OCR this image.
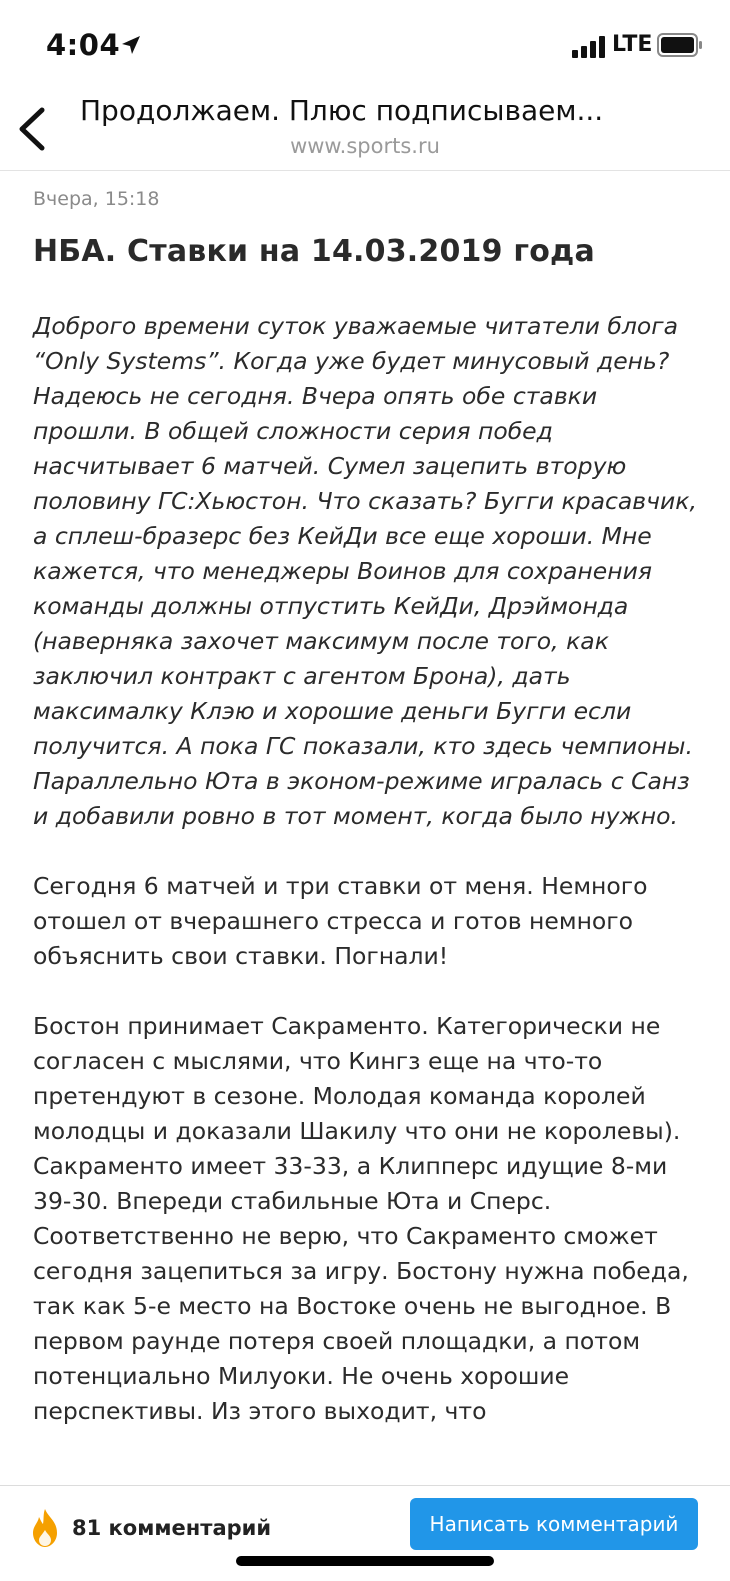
4:04	LTE
Продолжаем. Плюс подписываем...
www.sports.ru
Вчера, 15:18
НБА. Ставки на 14.03.2019 года
Доброго времени суток уважаемые читатели блога “Only Systems”. Когда уже будет минусовый день? Надеюсь не сегодня. Вчера опять обе ставки прошли. В общей сложности серия побед насчитывает 6 матчей. Сумел зацепить вторую половину ГС:Хьюстон. Что сказать? Бугги красавчик, а сплеш-бразерс без КейДи все еще хороши. Мне кажется, что менеджеры Воинов для сохранения команды должны отпустить КейДи, Дрэймонда (наверняка захочет максимум после того, как заключил контракт с агентом Брона), дать максималку Клэю и хорошие деньги Бугги если получится. А пока ГС показали, кто здесь чемпионы. Параллельно Юта в эконом-режиме игралась с Санз и добавили ровно в тот момент, когда было нужно.
Сегодня 6 матчей и три ставки от меня. Немного отошел от вчерашнего стресса и готов немного объяснить свои ставки. Погнали!
Бостон принимает Сакраменто. Категорически не согласен с мыслями, что Кингз еще на что-то претендуют в сезоне. Молодая команда королей молодцы и доказали Шакилу что они не королевы). Сакраменто имеет 33-33, а Клипперс идущие 8-ми 39-30. Впереди стабильные Юта и Сперс. Соответственно не верю, что Сакраменто сможет сегодня зацепиться за игру. Бостону нужна победа, так как 5-е место на Востоке очень не выгодное. В первом раунде потеря своей площадки, а потом потенциально Милуоки. Не очень хорошие перспективы. Из этого выходит, что
81 комментарий	Написать комментарий
